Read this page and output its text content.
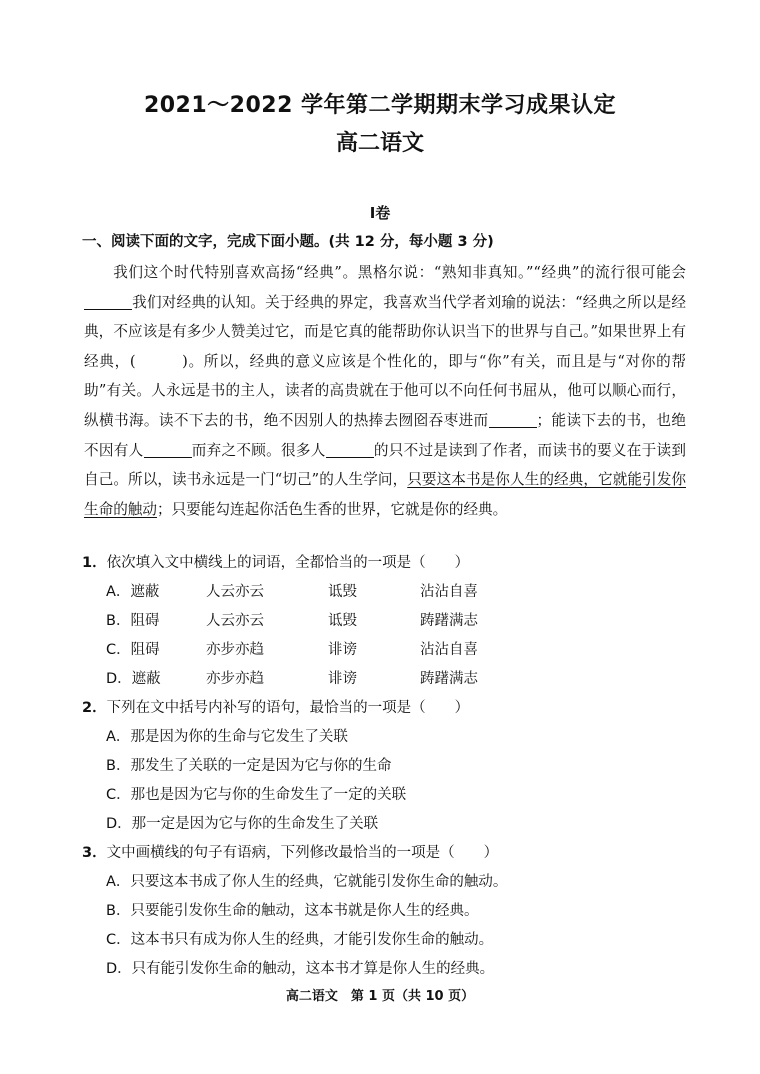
2021～2022 学年第二学期期末学习成果认定
高二语文
Ⅰ卷
一、阅读下面的文字，完成下面小题。(共 12 分，每小题 3 分)

我们这个时代特别喜欢高扬“经典”。黑格尔说：“熟知非真知。”“经典”的流行很可能会我们对经典的认知。关于经典的界定，我喜欢当代学者刘瑜的说法：“经典之所以是经典，不应该是有多少人赞美过它，而是它真的能帮助你认识当下的世界与自己。”如果世界上有经典，(　　　	)。所以，经典的意义应该是个性化的，即与“你”有关，而且是与“对你的帮助”有关。人永远是书的主人，读者的高贵就在于他可以不向任何书屈从，他可以顺心而行，纵横书海。读不下去的书，绝不因别人的热捧去囫囵吞枣进而	；能读下去的书，也绝不因有人	而弃之不顾。很多人	的只不过是读到了作者，而读书的要义在于读到自己。所以，读书永远是一门“切己”的人生学问，只要这本书是你人生的经典，它就能引发你生命的触动；只要能勾连起你活色生香的世界，它就是你的经典。

1．依次填入文中横线上的词语，全都恰当的一项是（　　）
A．遮蔽	人云亦云	诋毁	沾沾自喜
B．阻碍	人云亦云	诋毁	踌躇满志
C．阻碍	亦步亦趋	诽谤	沾沾自喜
D．遮蔽	亦步亦趋	诽谤	踌躇满志
2．下列在文中括号内补写的语句，最恰当的一项是（　　）
A．那是因为你的生命与它发生了关联
B．那发生了关联的一定是因为它与你的生命
C．那也是因为它与你的生命发生了一定的关联
D．那一定是因为它与你的生命发生了关联
3．文中画横线的句子有语病，下列修改最恰当的一项是（　　）
A．只要这本书成了你人生的经典，它就能引发你生命的触动。
B．只要能引发你生命的触动，这本书就是你人生的经典。
C．这本书只有成为你人生的经典，才能引发你生命的触动。
D．只有能引发你生命的触动，这本书才算是你人生的经典。
高二语文　第 1 页（共 10 页）
